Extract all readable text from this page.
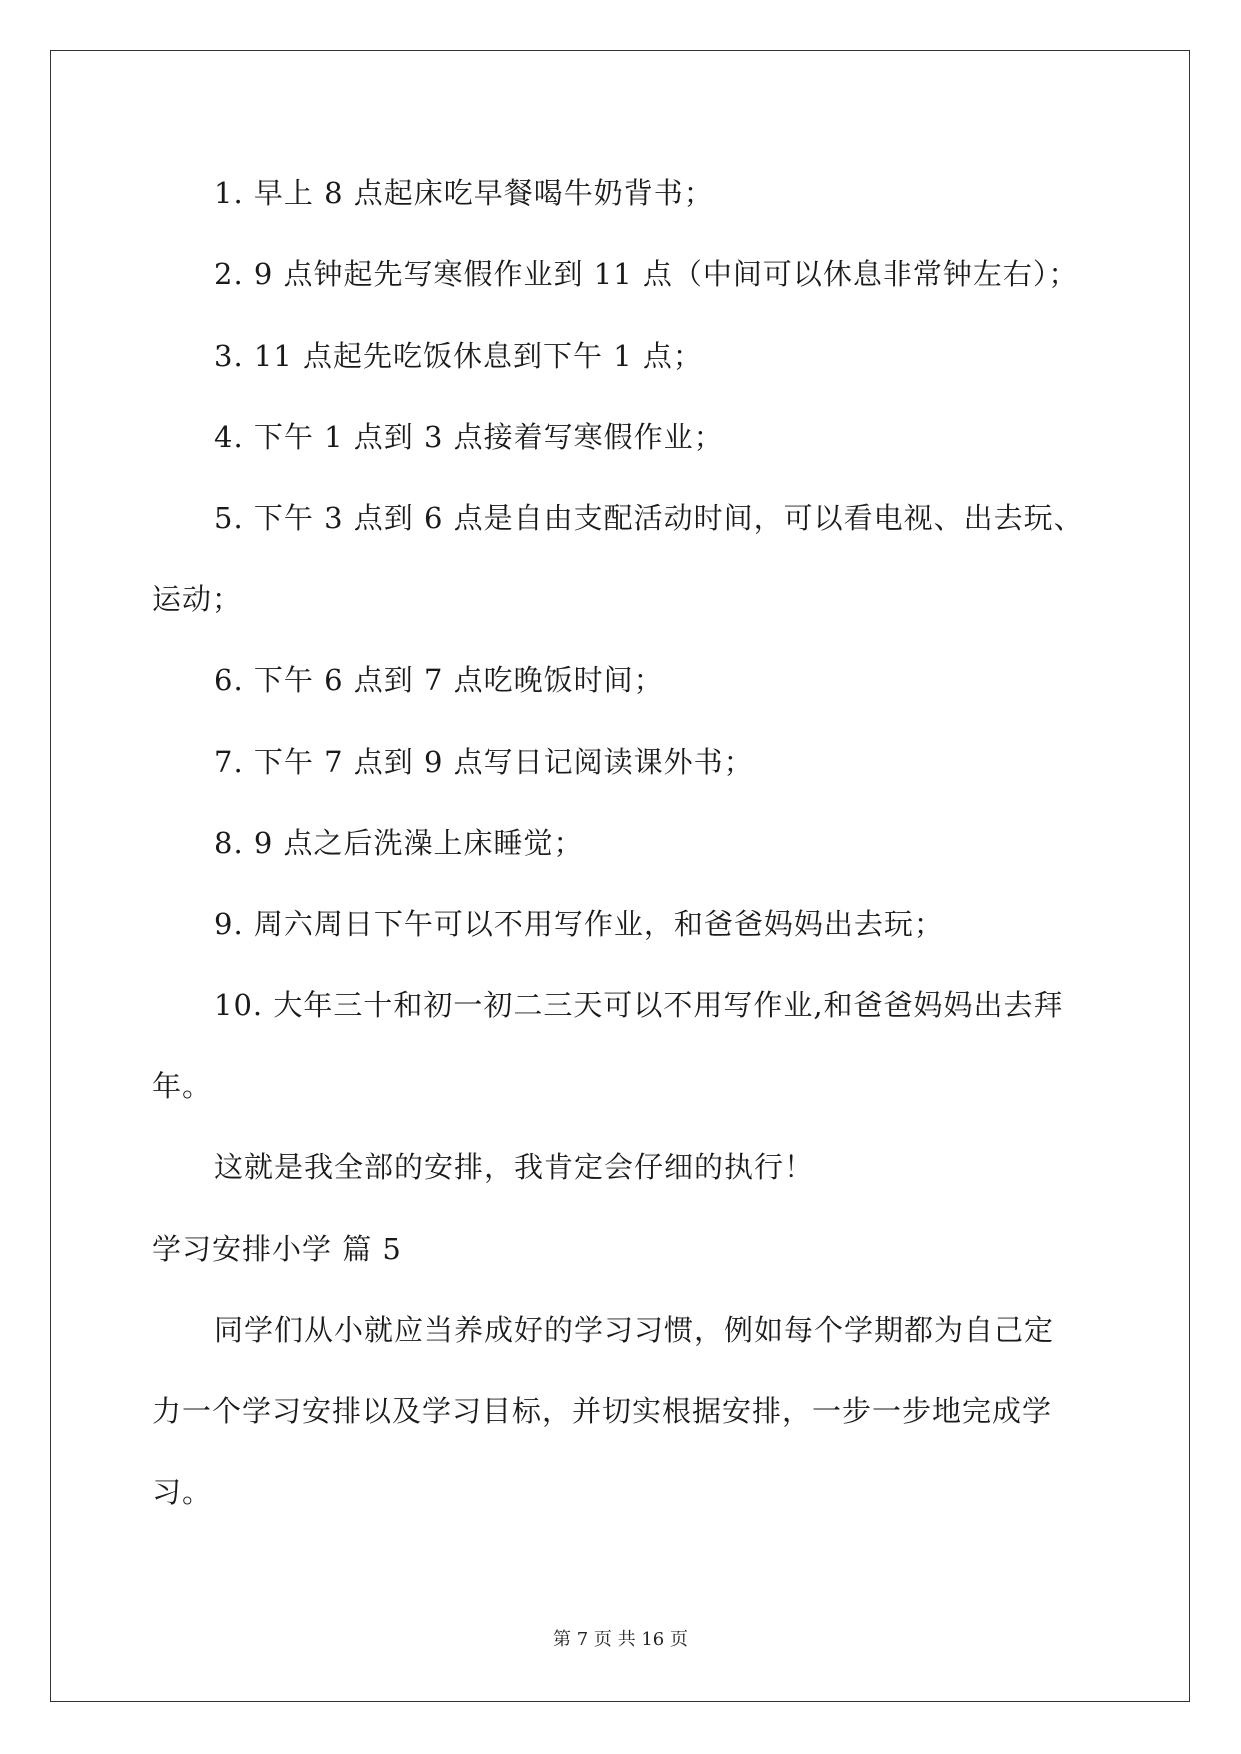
1. 早上 8 点起床吃早餐喝牛奶背书；
2. 9 点钟起先写寒假作业到 11 点（中间可以休息非常钟左右）；
3. 11 点起先吃饭休息到下午 1 点；
4. 下午 1 点到 3 点接着写寒假作业；
5. 下午 3 点到 6 点是自由支配活动时间，可以看电视、出去玩、
运动；
6. 下午 6 点到 7 点吃晚饭时间；
7. 下午 7 点到 9 点写日记阅读课外书；
8. 9 点之后洗澡上床睡觉；
9. 周六周日下午可以不用写作业，和爸爸妈妈出去玩；
10. 大年三十和初一初二三天可以不用写作业,和爸爸妈妈出去拜
年。
这就是我全部的安排，我肯定会仔细的执行！
学习安排小学 篇 5
同学们从小就应当养成好的学习习惯，例如每个学期都为自己定
力一个学习安排以及学习目标，并切实根据安排，一步一步地完成学
习。
第 7 页 共 16 页
